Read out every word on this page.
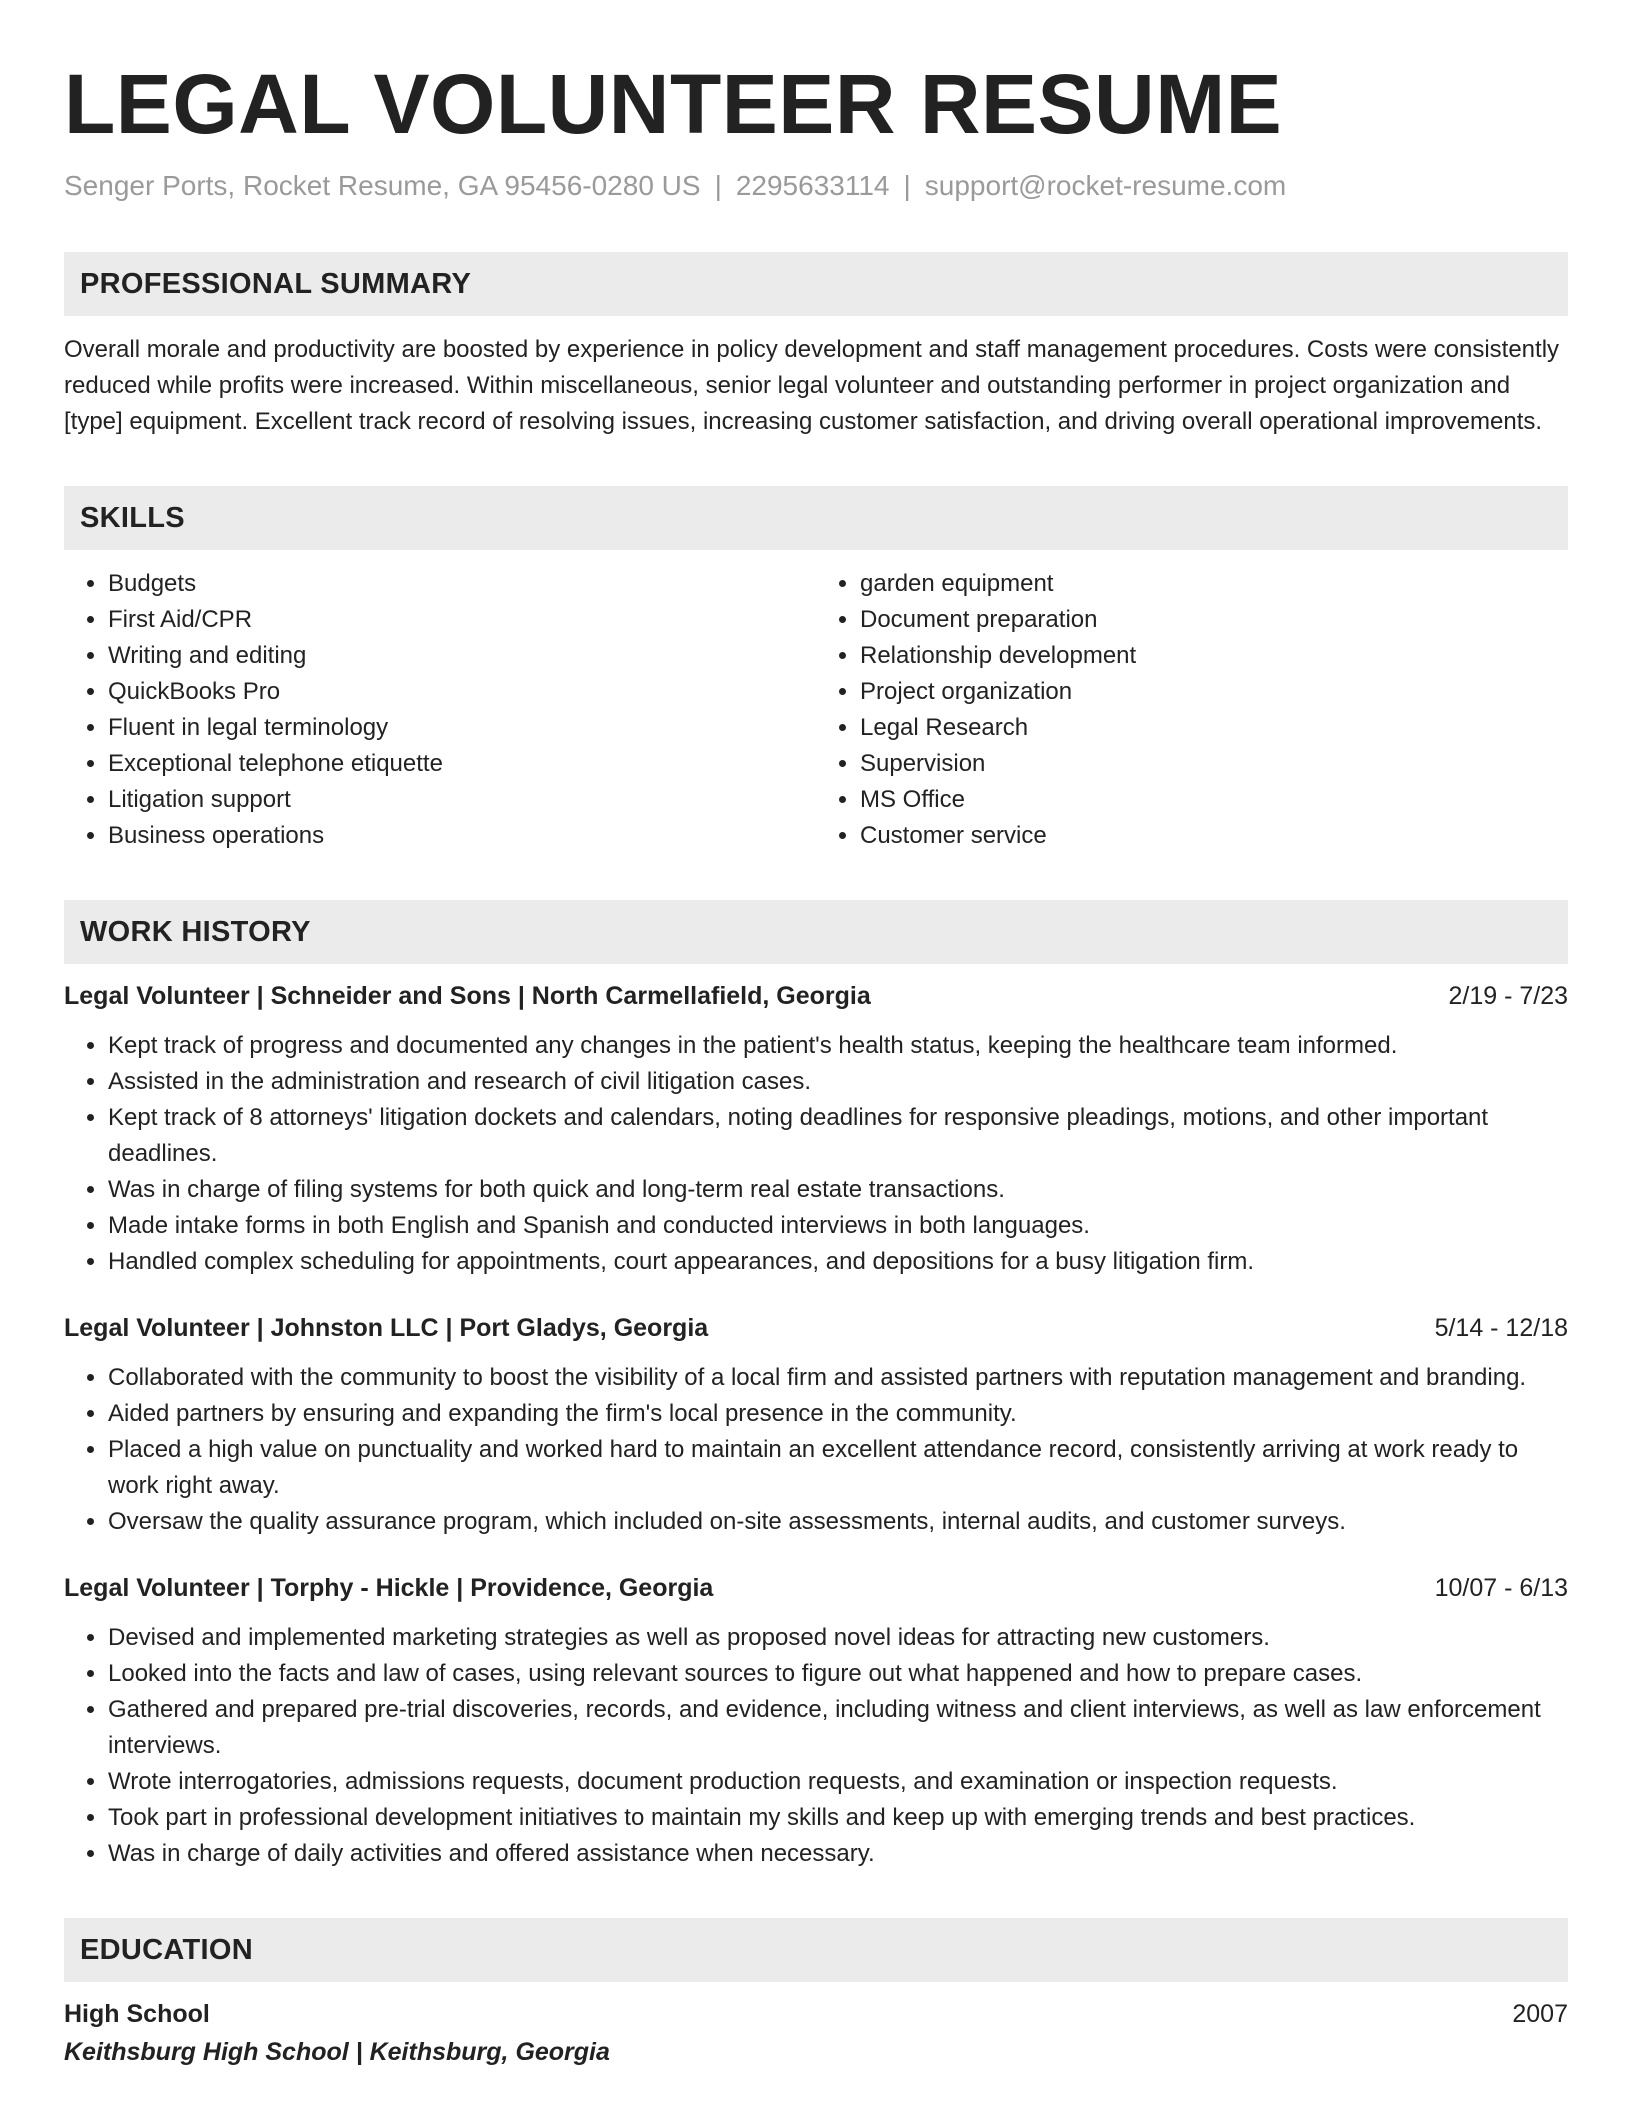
LEGAL VOLUNTEER RESUME
Senger Ports, Rocket Resume, GA 95456-0280 US | 2295633114 | support@rocket-resume.com
PROFESSIONAL SUMMARY

Overall morale and productivity are boosted by experience in policy development and staff management procedures. Costs were consistently reduced while profits were increased. Within miscellaneous, senior legal volunteer and outstanding performer in project organization and [type] equipment. Excellent track record of resolving issues, increasing customer satisfaction, and driving overall operational improvements.

SKILLS
• Budgets
• First Aid/CPR
• Writing and editing
• QuickBooks Pro
• Fluent in legal terminology
• Exceptional telephone etiquette
• Litigation support
• Business operations
• garden equipment
• Document preparation
• Relationship development
• Project organization
• Legal Research
• Supervision
• MS Office
• Customer service
WORK HISTORY
Legal Volunteer | Schneider and Sons | North Carmellafield, Georgia	2/19 - 7/23
• Kept track of progress and documented any changes in the patient's health status, keeping the healthcare team informed.
• Assisted in the administration and research of civil litigation cases.
• Kept track of 8 attorneys' litigation dockets and calendars, noting deadlines for responsive pleadings, motions, and other important deadlines.
• Was in charge of filing systems for both quick and long-term real estate transactions.
• Made intake forms in both English and Spanish and conducted interviews in both languages.
• Handled complex scheduling for appointments, court appearances, and depositions for a busy litigation firm.
Legal Volunteer | Johnston LLC | Port Gladys, Georgia	5/14 - 12/18
• Collaborated with the community to boost the visibility of a local firm and assisted partners with reputation management and branding.
• Aided partners by ensuring and expanding the firm's local presence in the community.
• Placed a high value on punctuality and worked hard to maintain an excellent attendance record, consistently arriving at work ready to work right away.
• Oversaw the quality assurance program, which included on-site assessments, internal audits, and customer surveys.
Legal Volunteer | Torphy - Hickle | Providence, Georgia	10/07 - 6/13
• Devised and implemented marketing strategies as well as proposed novel ideas for attracting new customers.
• Looked into the facts and law of cases, using relevant sources to figure out what happened and how to prepare cases.
• Gathered and prepared pre-trial discoveries, records, and evidence, including witness and client interviews, as well as law enforcement interviews.
• Wrote interrogatories, admissions requests, document production requests, and examination or inspection requests.
• Took part in professional development initiatives to maintain my skills and keep up with emerging trends and best practices.
• Was in charge of daily activities and offered assistance when necessary.
EDUCATION
High School	2007
Keithsburg High School | Keithsburg, Georgia
